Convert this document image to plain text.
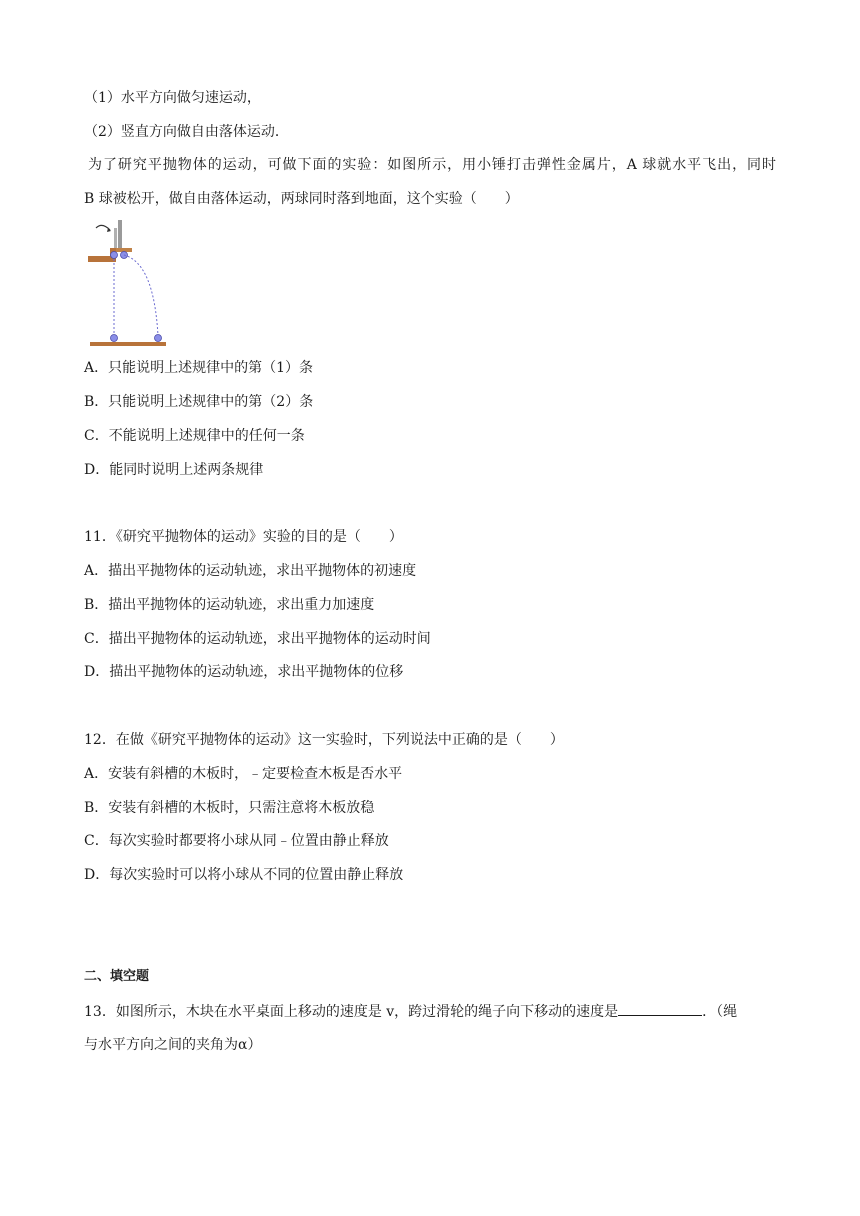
（1）水平方向做匀速运动，
（2）竖直方向做自由落体运动．
为了研究平抛物体的运动，可做下面的实验：如图所示，用小锤打击弹性金属片，A 球就水平飞出，同时
B 球被松开，做自由落体运动，两球同时落到地面，这个实验（　　）
A．只能说明上述规律中的第（1）条
B．只能说明上述规律中的第（2）条
C．不能说明上述规律中的任何一条
D．能同时说明上述两条规律
11．《研究平抛物体的运动》实验的目的是（　　）
A．描出平抛物体的运动轨迹，求出平抛物体的初速度
B．描出平抛物体的运动轨迹，求出重力加速度
C．描出平抛物体的运动轨迹，求出平抛物体的运动时间
D．描出平抛物体的运动轨迹，求出平抛物体的位移
12．在做《研究平抛物体的运动》这一实验时，下列说法中正确的是（　　）
A．安装有斜槽的木板时，﹣定要检查木板是否水平
B．安装有斜槽的木板时，只需注意将木板放稳
C．每次实验时都要将小球从同﹣位置由静止释放
D．每次实验时可以将小球从不同的位置由静止释放
二、填空题
13．如图所示，木块在水平桌面上移动的速度是 v，跨过滑轮的绳子向下移动的速度是	．（绳
与水平方向之间的夹角为α）
